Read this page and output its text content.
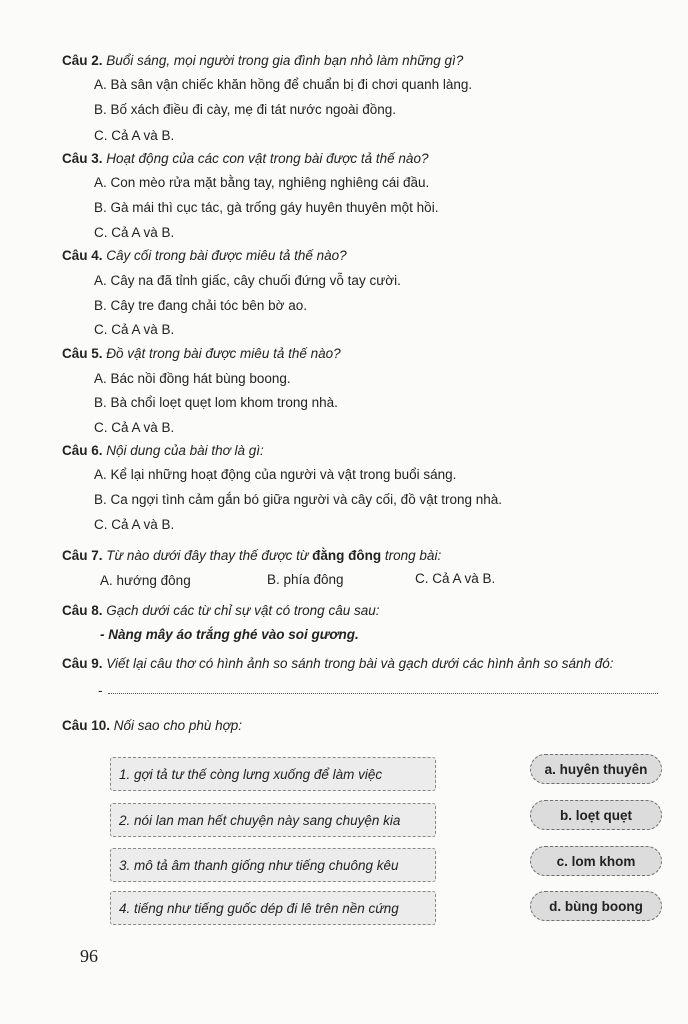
Câu 2. Buổi sáng, mọi người trong gia đình bạn nhỏ làm những gì?
A. Bà sân vận chiếc khăn hồng để chuẩn bị đi chơi quanh làng.
B. Bố xách điều đi cày, mẹ đi tát nước ngoài đồng.
C. Cả A và B.
Câu 3. Hoạt động của các con vật trong bài được tả thế nào?
A. Con mèo rửa mặt bằng tay, nghiêng nghiêng cái đầu.
B. Gà mái thì cục tác, gà trống gáy huyên thuyên một hồi.
C. Cả A và B.
Câu 4. Cây cối trong bài được miêu tả thế nào?
A. Cây na đã tỉnh giấc, cây chuối đứng vỗ tay cười.
B. Cây tre đang chải tóc bên bờ ao.
C. Cả A và B.
Câu 5. Đồ vật trong bài được miêu tả thế nào?
A. Bác nồi đồng hát bùng boong.
B. Bà chổi loẹt quẹt lom khom trong nhà.
C. Cả A và B.
Câu 6. Nội dung của bài thơ là gì:
A. Kể lại những hoạt động của người và vật trong buổi sáng.
B. Ca ngợi tình cảm gắn bó giữa người và cây cối, đồ vật trong nhà.
C. Cả A và B.
Câu 7. Từ nào dưới đây thay thế được từ đằng đông trong bài:
A. hướng đông	B. phía đông	C. Cả A và B.
Câu 8. Gạch dưới các từ chỉ sự vật có trong câu sau:
- Nàng mây áo trắng ghé vào soi gương.
Câu 9. Viết lại câu thơ có hình ảnh so sánh trong bài và gạch dưới các hình ảnh so sánh đó:
-
Câu 10. Nối sao cho phù hợp:
1. gợi tả tư thế còng lưng xuống để làm việc
2. nói lan man hết chuyện này sang chuyện kia
3. mô tả âm thanh giống như tiếng chuông kêu
4. tiếng như tiếng guốc dép đi lê trên nền cứng
a. huyên thuyên
b. loẹt quẹt
c. lom khom
d. bùng boong
96
